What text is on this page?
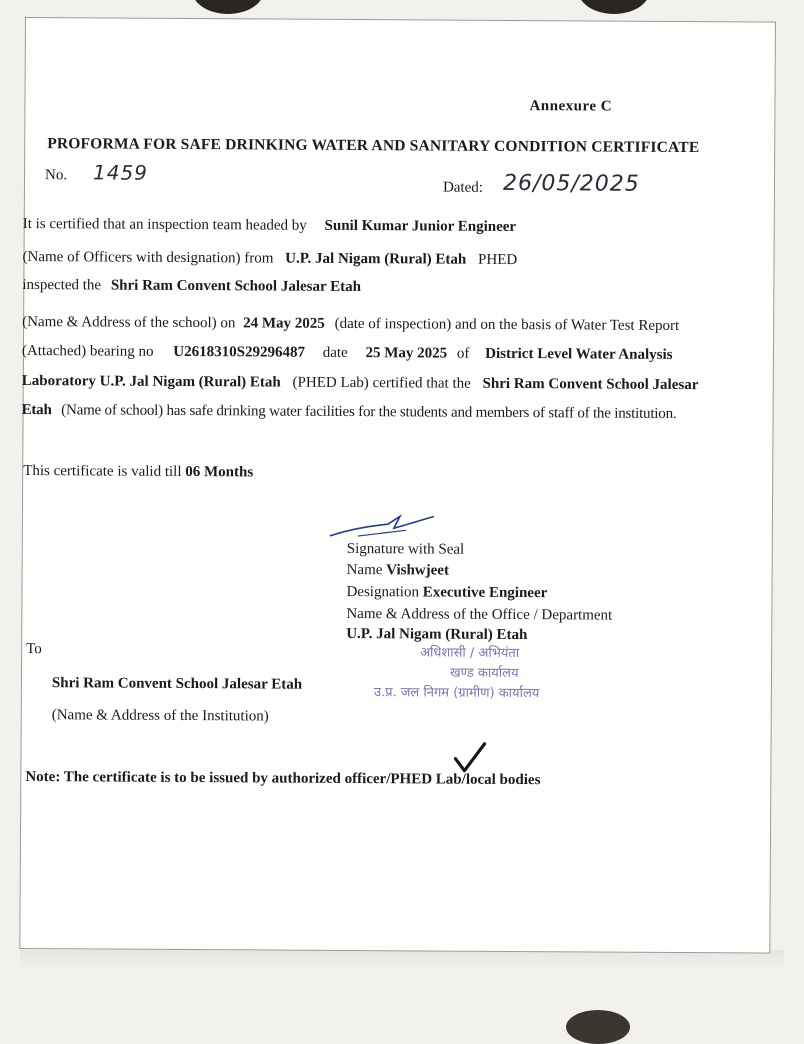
Annexure C
PROFORMA FOR SAFE DRINKING WATER AND SANITARY CONDITION CERTIFICATE
No. 1459
Dated: 26/05/2025
It is certified that an inspection team headed by Sunil Kumar Junior Engineer
(Name of Officers with designation) from U.P. Jal Nigam (Rural) Etah PHED
inspected the Shri Ram Convent School Jalesar Etah
(Name & Address of the school) on 24 May 2025 (date of inspection) and on the basis of Water Test Report
(Attached) bearing no U2618310S29296487 date 25 May 2025 of District Level Water Analysis
Laboratory U.P. Jal Nigam (Rural) Etah (PHED Lab) certified that the Shri Ram Convent School Jalesar
Etah (Name of school) has safe drinking water facilities for the students and members of staff of the institution.
This certificate is valid till 06 Months
Signature with Seal
Name Vishwjeet
Designation Executive Engineer
Name & Address of the Office / Department
U.P. Jal Nigam (Rural) Etah
अधिशासी / अभियंता
खण्ड कार्यालय
उ.प्र. जल निगम (ग्रामीण) कार्यालय
To
Shri Ram Convent School Jalesar Etah
(Name & Address of the Institution)
Note: The certificate is to be issued by authorized officer/PHED Lab/local bodies
